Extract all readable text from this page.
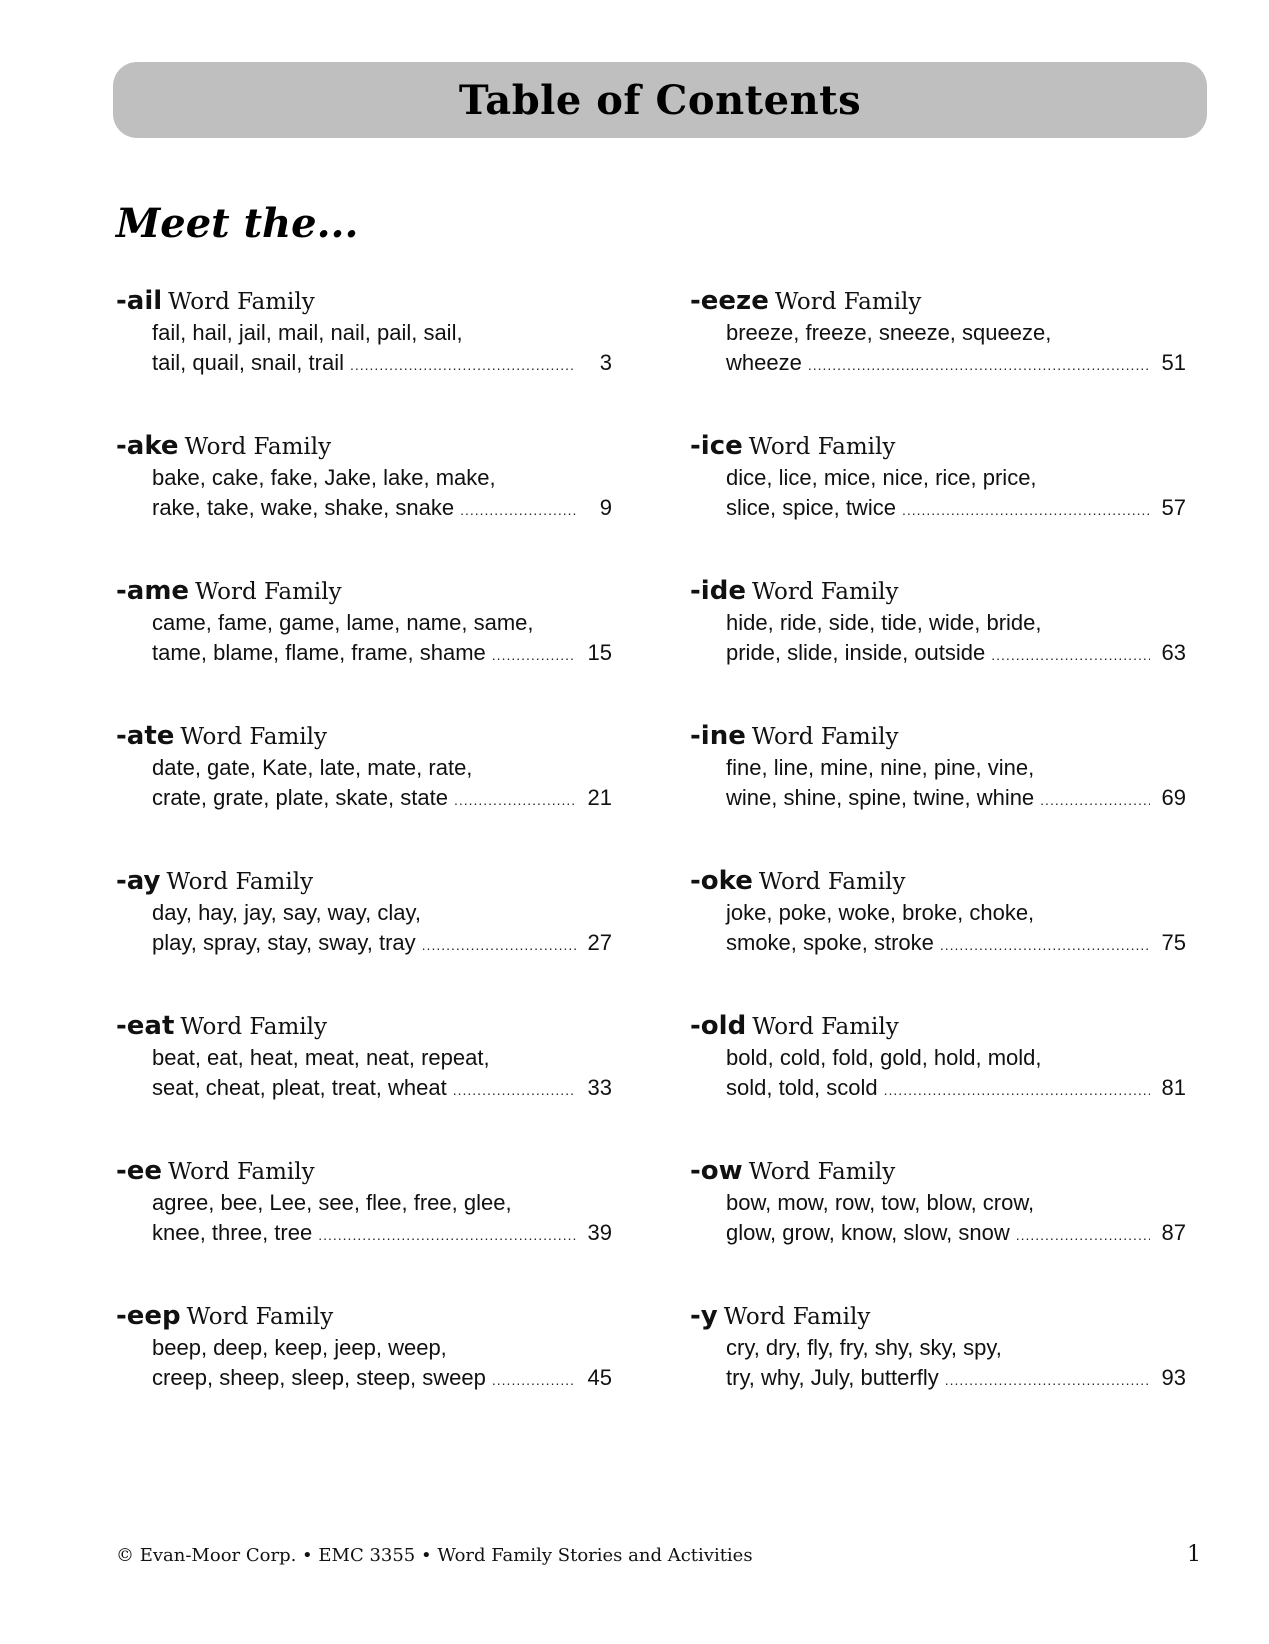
Table of Contents
Meet the...
-ail Word Family
fail, hail, jail, mail, nail, pail, sail,
tail, quail, snail, trail .....	3
-ake Word Family
bake, cake, fake, Jake, lake, make,
rake, take, wake, shake, snake .....	9
-ame Word Family
came, fame, game, lame, name, same,
tame, blame, flame, frame, shame .....	15
-ate Word Family
date, gate, Kate, late, mate, rate,
crate, grate, plate, skate, state .....	21
-ay Word Family
day, hay, jay, say, way, clay,
play, spray, stay, sway, tray .....	27
-eat Word Family
beat, eat, heat, meat, neat, repeat,
seat, cheat, pleat, treat, wheat .....	33
-ee Word Family
agree, bee, Lee, see, flee, free, glee,
knee, three, tree .....	39
-eep Word Family
beep, deep, keep, jeep, weep,
creep, sheep, sleep, steep, sweep .....	45
-eeze Word Family
breeze, freeze, sneeze, squeeze,
wheeze .....	51
-ice Word Family
dice, lice, mice, nice, rice, price,
slice, spice, twice .....	57
-ide Word Family
hide, ride, side, tide, wide, bride,
pride, slide, inside, outside .....	63
-ine Word Family
fine, line, mine, nine, pine, vine,
wine, shine, spine, twine, whine .....	69
-oke Word Family
joke, poke, woke, broke, choke,
smoke, spoke, stroke .....	75
-old Word Family
bold, cold, fold, gold, hold, mold,
sold, told, scold .....	81
-ow Word Family
bow, mow, row, tow, blow, crow,
glow, grow, know, slow, snow .....	87
-y Word Family
cry, dry, fly, fry, shy, sky, spy,
try, why, July, butterfly .....	93
© Evan-Moor Corp. • EMC 3355 • Word Family Stories and Activities	1
